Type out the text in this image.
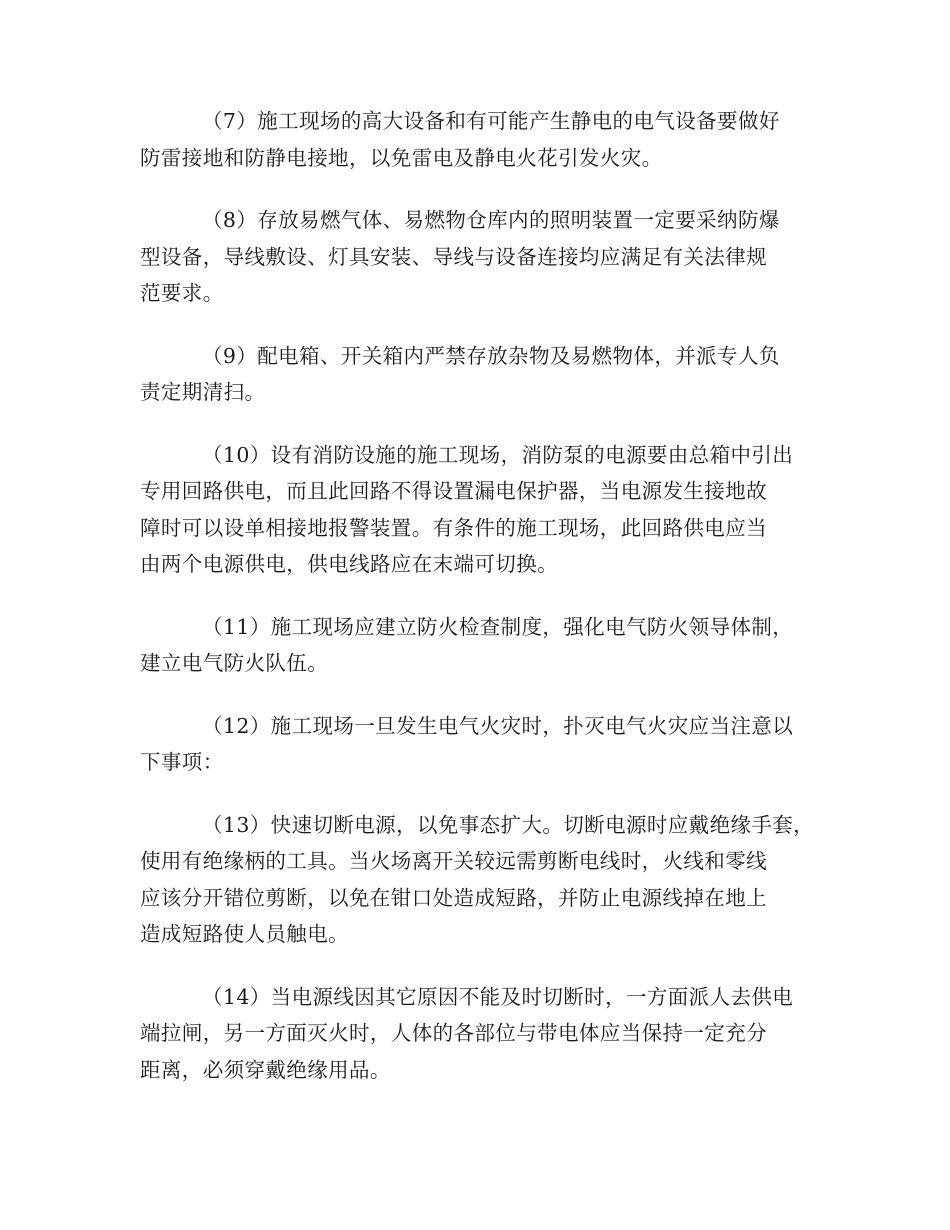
（7）施工现场的高大设备和有可能产生静电的电气设备要做好
防雷接地和防静电接地，以免雷电及静电火花引发火灾。

（8）存放易燃气体、易燃物仓库内的照明装置一定要采纳防爆
型设备，导线敷设、灯具安装、导线与设备连接均应满足有关法律规
范要求。

（9）配电箱、开关箱内严禁存放杂物及易燃物体，并派专人负
责定期清扫。

（10）设有消防设施的施工现场，消防泵的电源要由总箱中引出
专用回路供电，而且此回路不得设置漏电保护器，当电源发生接地故
障时可以设单相接地报警装置。有条件的施工现场，此回路供电应当
由两个电源供电，供电线路应在末端可切换。

（11）施工现场应建立防火检查制度，强化电气防火领导体制，
建立电气防火队伍。

（12）施工现场一旦发生电气火灾时，扑灭电气火灾应当注意以
下事项：

（13）快速切断电源，以免事态扩大。切断电源时应戴绝缘手套，
使用有绝缘柄的工具。当火场离开关较远需剪断电线时，火线和零线
应该分开错位剪断，以免在钳口处造成短路，并防止电源线掉在地上
造成短路使人员触电。

（14）当电源线因其它原因不能及时切断时，一方面派人去供电
端拉闸，另一方面灭火时，人体的各部位与带电体应当保持一定充分
距离，必须穿戴绝缘用品。
